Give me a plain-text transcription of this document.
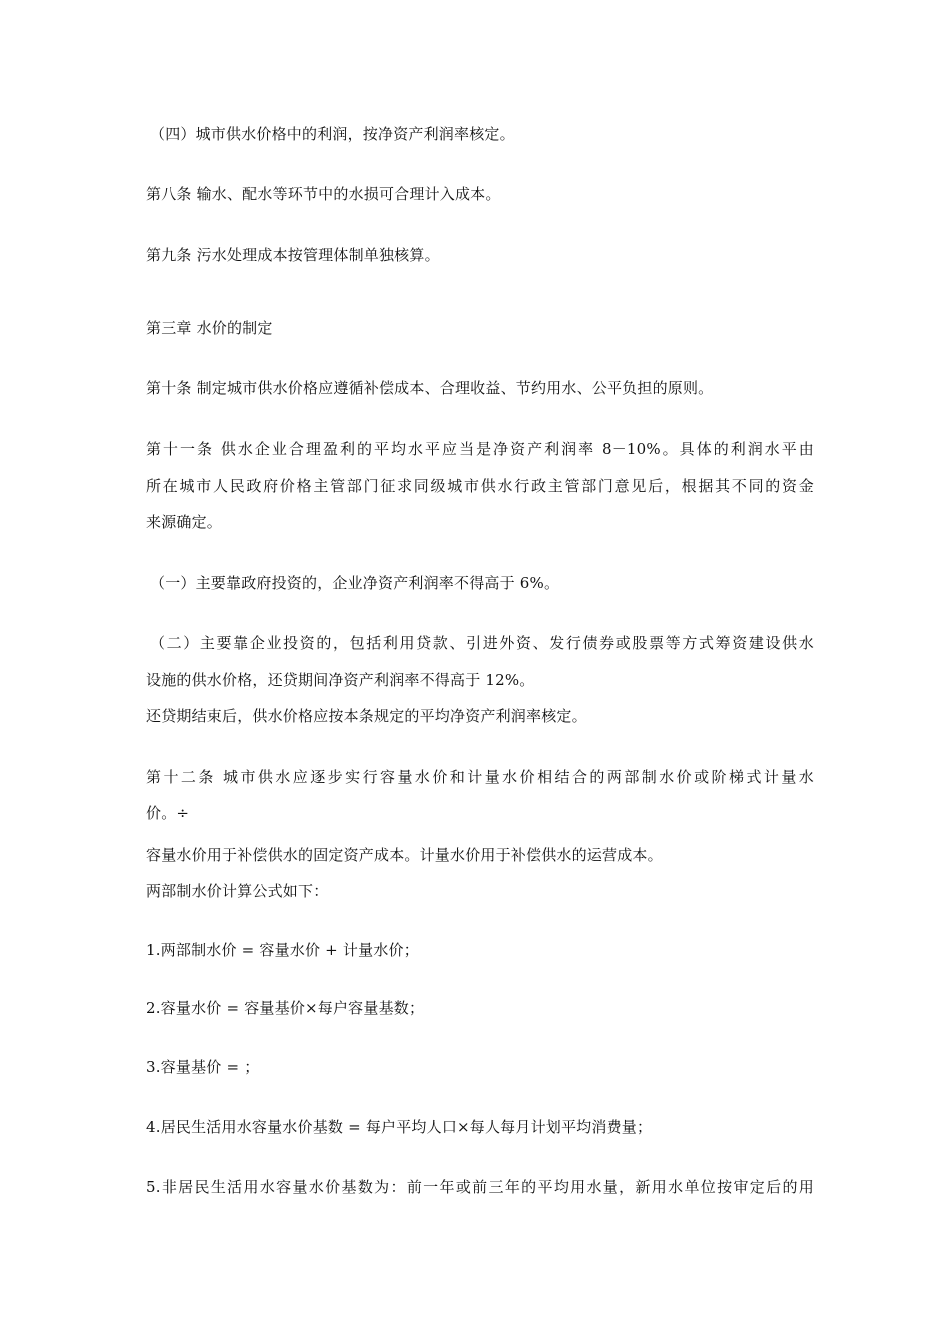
（四）城市供水价格中的利润，按净资产利润率核定。
第八条 输水、配水等环节中的水损可合理计入成本。
第九条 污水处理成本按管理体制单独核算。
第三章 水价的制定
第十条 制定城市供水价格应遵循补偿成本、合理收益、节约用水、公平负担的原则。
第十一条 供水企业合理盈利的平均水平应当是净资产利润率 8－10%。具体的利润水平由
所在城市人民政府价格主管部门征求同级城市供水行政主管部门意见后，根据其不同的资金
来源确定。
（一）主要靠政府投资的，企业净资产利润率不得高于 6%。
（二）主要靠企业投资的，包括利用贷款、引进外资、发行债券或股票等方式筹资建设供水
设施的供水价格，还贷期间净资产利润率不得高于 12%。
还贷期结束后，供水价格应按本条规定的平均净资产利润率核定。
第十二条 城市供水应逐步实行容量水价和计量水价相结合的两部制水价或阶梯式计量水
价。÷
容量水价用于补偿供水的固定资产成本。计量水价用于补偿供水的运营成本。
两部制水价计算公式如下：
1.两部制水价 = 容量水价 + 计量水价；
2.容量水价 = 容量基价×每户容量基数；
3.容量基价 = ；
4.居民生活用水容量水价基数 = 每户平均人口×每人每月计划平均消费量；
5.非居民生活用水容量水价基数为：前一年或前三年的平均用水量，新用水单位按审定后的用
